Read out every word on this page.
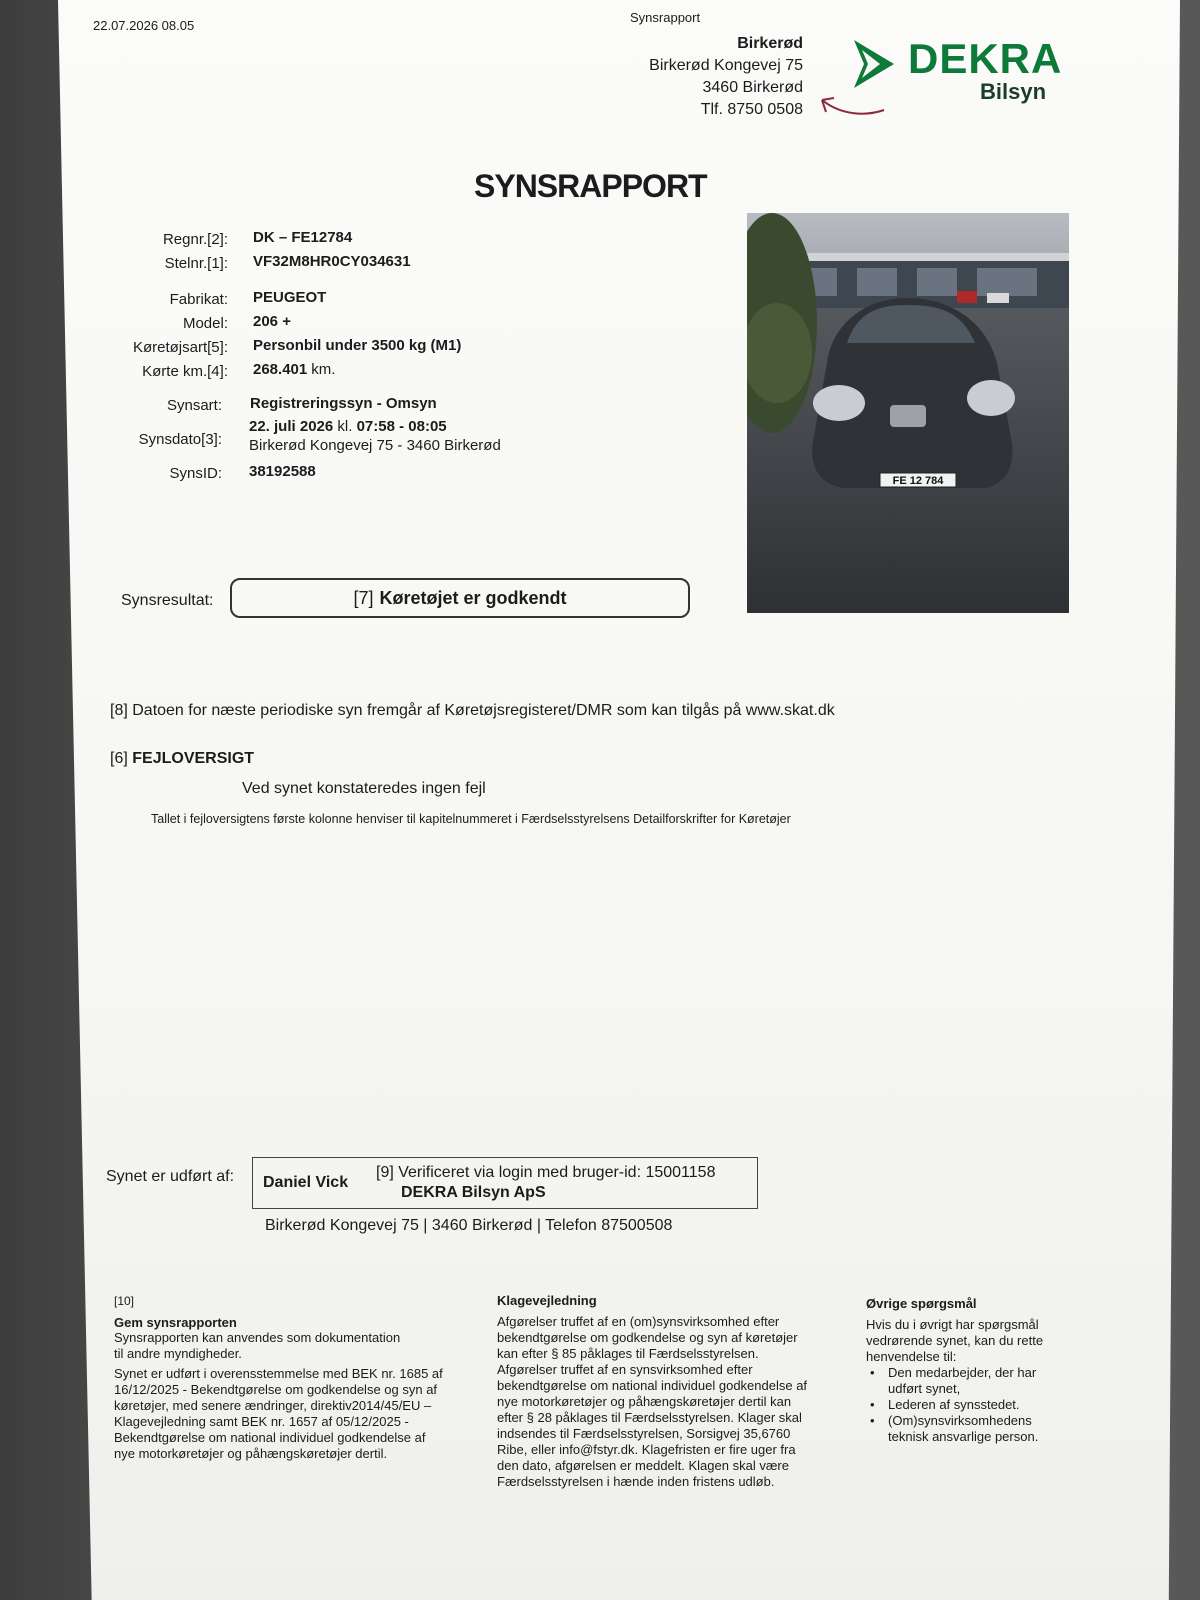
22.07.2026 08.05
Synsrapport
Birkerød
Birkerød Kongevej 75
3460 Birkerød
Tlf. 8750 0508
DEKRA
Bilsyn
SYNSRAPPORT
Regnr.[2]: DK – FE12784
Stelnr.[1]: VF32M8HR0CY034631
Fabrikat: PEUGEOT
Model: 206 +
Køretøjsart[5]: Personbil under 3500 kg (M1)
Kørte km.[4]: 268.401 km.
Synsart: Registreringssyn - Omsyn
Synsdato[3]:
22. juli 2026 kl. 07:58 - 08:05
Birkerød Kongevej 75 - 3460 Birkerød
SynsID: 38192588
FE 12 784
Synsresultat:	[7] Køretøjet er godkendt
[8] Datoen for næste periodiske syn fremgår af Køretøjsregisteret/DMR som kan tilgås på www.skat.dk
[6] FEJLOVERSIGT
Ved synet konstateredes ingen fejl
Tallet i fejloversigtens første kolonne henviser til kapitelnummeret i Færdselsstyrelsens Detailforskrifter for Køretøjer
Synet er udført af: Daniel Vick
[9] Verificeret via login med bruger-id: 15001158
DEKRA Bilsyn ApS
Birkerød Kongevej 75 | 3460 Birkerød | Telefon 87500508
[10]
Gem synsrapporten
Synsrapporten kan anvendes som dokumentation
til andre myndigheder.
Synet er udført i overensstemmelse med BEK nr. 1685 af
16/12/2025 - Bekendtgørelse om godkendelse og syn af
køretøjer, med senere ændringer, direktiv2014/45/EU –
Klagevejledning samt BEK nr. 1657 af 05/12/2025 -
Bekendtgørelse om national individuel godkendelse af
nye motorkøretøjer og påhængskøretøjer dertil.
Klagevejledning
Afgørelser truffet af en (om)synsvirksomhed efter
bekendtgørelse om godkendelse og syn af køretøjer
kan efter § 85 påklages til Færdselsstyrelsen.
Afgørelser truffet af en synsvirksomhed efter
bekendtgørelse om national individuel godkendelse af
nye motorkøretøjer og påhængskøretøjer dertil kan
efter § 28 påklages til Færdselsstyrelsen. Klager skal
indsendes til Færdselsstyrelsen, Sorsigvej 35,6760
Ribe, eller info@fstyr.dk. Klagefristen er fire uger fra
den dato, afgørelsen er meddelt. Klagen skal være
Færdselsstyrelsen i hænde inden fristens udløb.
Øvrige spørgsmål
Hvis du i øvrigt har spørgsmål
vedrørende synet, kan du rette
henvendelse til:
• Den medarbejder, der har
udført synet,
• Lederen af synsstedet.
• (Om)synsvirksomhedens
teknisk ansvarlige person.
